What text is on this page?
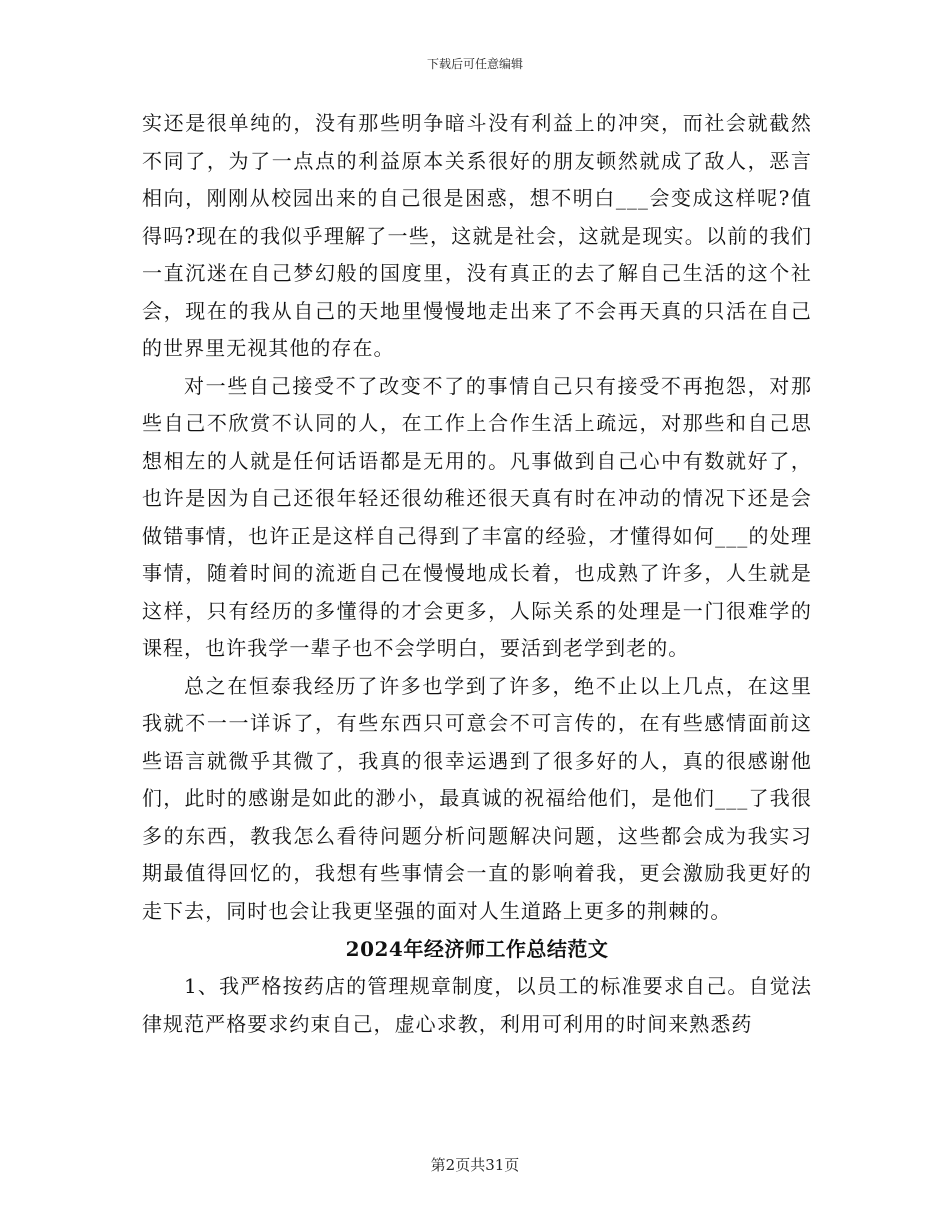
下载后可任意编辑

实还是很单纯的，没有那些明争暗斗没有利益上的冲突，而社会就截然不同了，为了一点点的利益原本关系很好的朋友顿然就成了敌人，恶言相向，刚刚从校园出来的自己很是困惑，想不明白___会变成这样呢?值得吗?现在的我似乎理解了一些，这就是社会，这就是现实。以前的我们一直沉迷在自己梦幻般的国度里，没有真正的去了解自己生活的这个社会，现在的我从自己的天地里慢慢地走出来了不会再天真的只活在自己的世界里无视其他的存在。

对一些自己接受不了改变不了的事情自己只有接受不再抱怨，对那些自己不欣赏不认同的人，在工作上合作生活上疏远，对那些和自己思想相左的人就是任何话语都是无用的。凡事做到自己心中有数就好了，也许是因为自己还很年轻还很幼稚还很天真有时在冲动的情况下还是会做错事情，也许正是这样自己得到了丰富的经验，才懂得如何___的处理事情，随着时间的流逝自己在慢慢地成长着，也成熟了许多，人生就是这样，只有经历的多懂得的才会更多，人际关系的处理是一门很难学的课程，也许我学一辈子也不会学明白，要活到老学到老的。

总之在恒泰我经历了许多也学到了许多，绝不止以上几点，在这里我就不一一详诉了，有些东西只可意会不可言传的，在有些感情面前这些语言就微乎其微了，我真的很幸运遇到了很多好的人，真的很感谢他们，此时的感谢是如此的渺小，最真诚的祝福给他们，是他们___了我很多的东西，教我怎么看待问题分析问题解决问题，这些都会成为我实习期最值得回忆的，我想有些事情会一直的影响着我，更会激励我更好的走下去，同时也会让我更坚强的面对人生道路上更多的荆棘的。

2024年经济师工作总结范文

1、我严格按药店的管理规章制度，以员工的标准要求自己。自觉法律规范严格要求约束自己，虚心求教，利用可利用的时间来熟悉药

第2页共31页
